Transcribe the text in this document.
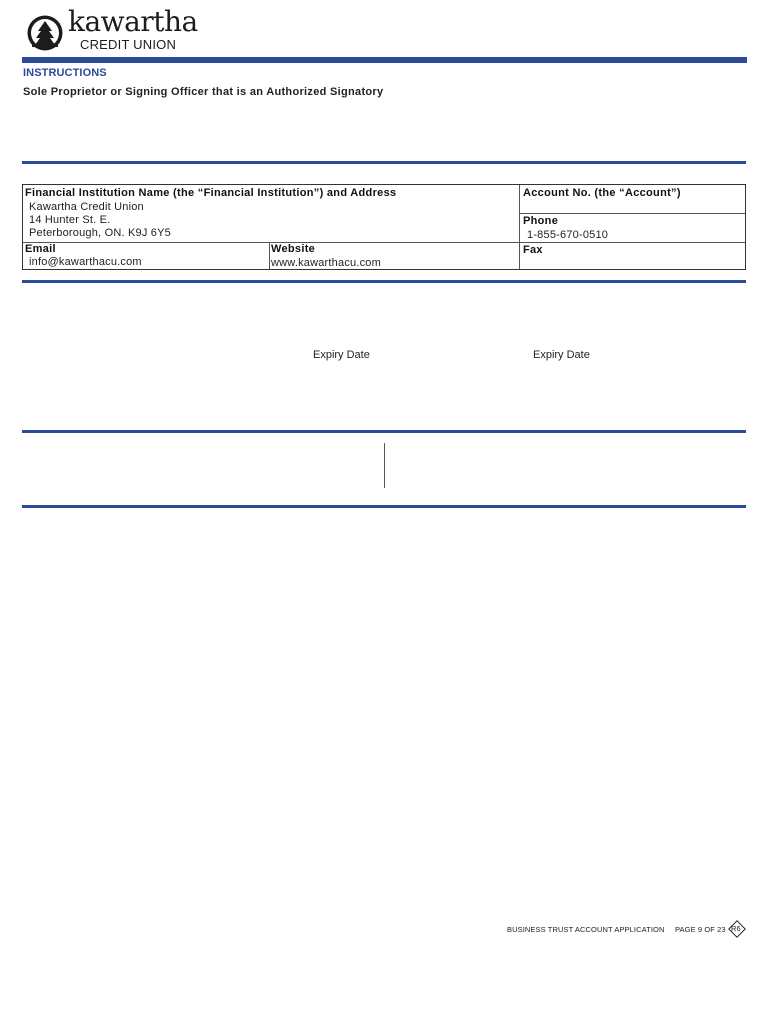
kawartha
CREDIT UNION
INSTRUCTIONS
Sole Proprietor or Signing Officer that is an Authorized Signatory
Financial Institution Name (the “Financial Institution”) and Address
Kawartha Credit Union
14 Hunter St. E.
Peterborough, ON. K9J 6Y5
Email
info@kawarthacu.com
Website
www.kawarthacu.com
Account No. (the “Account”)
Phone
1-855-670-0510
Fax
Expiry Date	Expiry Date
BUSINESS TRUST ACCOUNT APPLICATION PAGE 9 OF 23 R6
